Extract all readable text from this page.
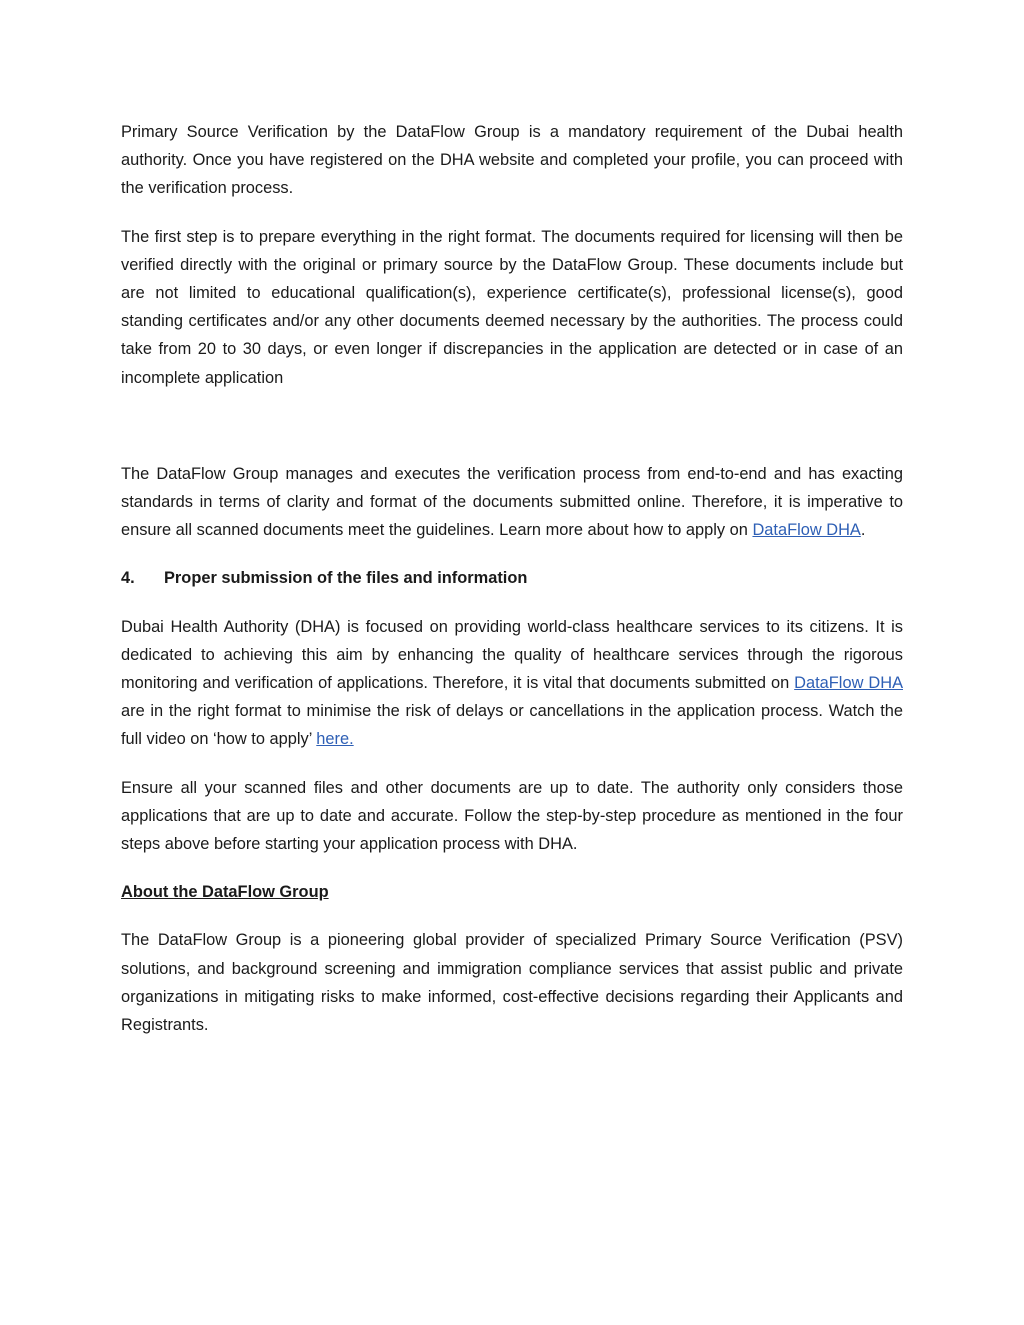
Primary Source Verification by the DataFlow Group is a mandatory requirement of the Dubai health authority. Once you have registered on the DHA website and completed your profile, you can proceed with the verification process.

The first step is to prepare everything in the right format. The documents required for licensing will then be verified directly with the original or primary source by the DataFlow Group. These documents include but are not limited to educational qualification(s), experience certificate(s), professional license(s), good standing certificates and/or any other documents deemed necessary by the authorities. The process could take from 20 to 30 days, or even longer if discrepancies in the application are detected or in case of an incomplete application

The DataFlow Group manages and executes the verification process from end-to-end and has exacting standards in terms of clarity and format of the documents submitted online. Therefore, it is imperative to ensure all scanned documents meet the guidelines. Learn more about how to apply on DataFlow DHA.

4. Proper submission of the files and information

Dubai Health Authority (DHA) is focused on providing world-class healthcare services to its citizens. It is dedicated to achieving this aim by enhancing the quality of healthcare services through the rigorous monitoring and verification of applications. Therefore, it is vital that documents submitted on DataFlow DHA are in the right format to minimise the risk of delays or cancellations in the application process. Watch the full video on ‘how to apply’ here.

Ensure all your scanned files and other documents are up to date. The authority only considers those applications that are up to date and accurate. Follow the step-by-step procedure as mentioned in the four steps above before starting your application process with DHA.

About the DataFlow Group

The DataFlow Group is a pioneering global provider of specialized Primary Source Verification (PSV) solutions, and background screening and immigration compliance services that assist public and private organizations in mitigating risks to make informed, cost-effective decisions regarding their Applicants and Registrants.
